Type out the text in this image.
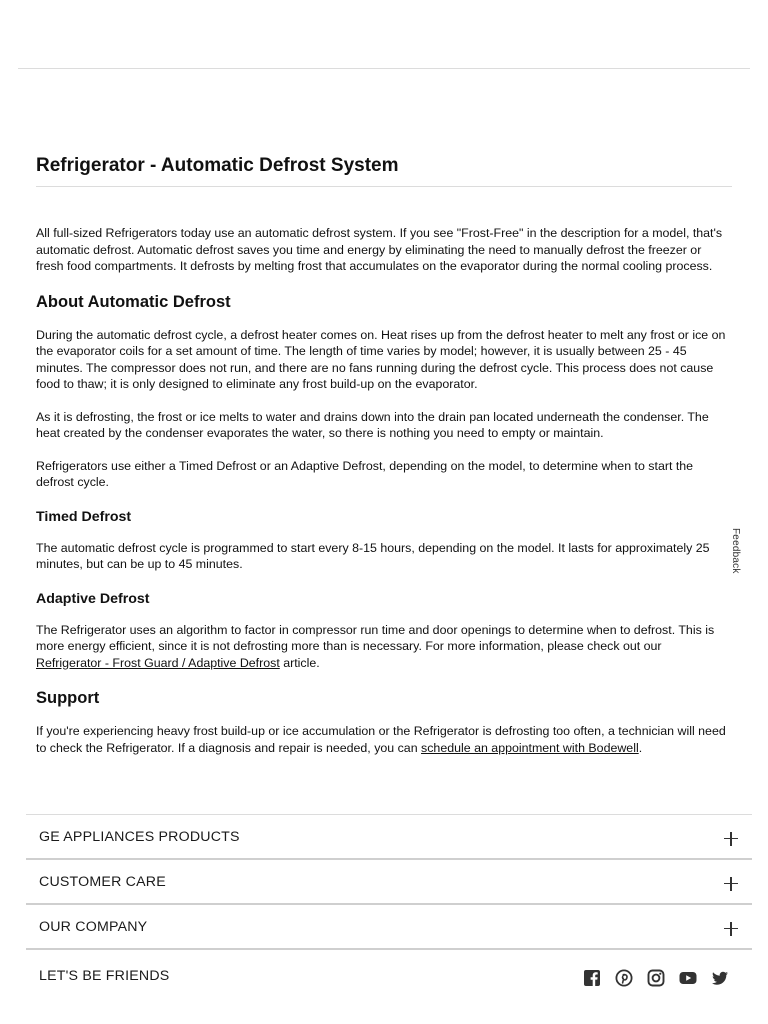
Refrigerator - Automatic Defrost System

All full-sized Refrigerators today use an automatic defrost system. If you see "Frost-Free" in the description for a model, that's automatic defrost. Automatic defrost saves you time and energy by eliminating the need to manually defrost the freezer or fresh food compartments. It defrosts by melting frost that accumulates on the evaporator during the normal cooling process.

About Automatic Defrost

During the automatic defrost cycle, a defrost heater comes on. Heat rises up from the defrost heater to melt any frost or ice on the evaporator coils for a set amount of time. The length of time varies by model; however, it is usually between 25 - 45 minutes. The compressor does not run, and there are no fans running during the defrost cycle. This process does not cause food to thaw; it is only designed to eliminate any frost build-up on the evaporator.

As it is defrosting, the frost or ice melts to water and drains down into the drain pan located underneath the condenser. The heat created by the condenser evaporates the water, so there is nothing you need to empty or maintain.

Refrigerators use either a Timed Defrost or an Adaptive Defrost, depending on the model, to determine when to start the defrost cycle.

Timed Defrost

The automatic defrost cycle is programmed to start every 8-15 hours, depending on the model. It lasts for approximately 25 minutes, but can be up to 45 minutes.

Adaptive Defrost

The Refrigerator uses an algorithm to factor in compressor run time and door openings to determine when to defrost. This is more energy efficient, since it is not defrosting more than is necessary. For more information, please check out our
Refrigerator - Frost Guard / Adaptive Defrost article.

Support

If you're experiencing heavy frost build-up or ice accumulation or the Refrigerator is defrosting too often, a technician will need to check the Refrigerator. If a diagnosis and repair is needed, you can schedule an appointment with Bodewell.

Feedback
GE APPLIANCES PRODUCTS
CUSTOMER CARE
OUR COMPANY
LET'S BE FRIENDS
